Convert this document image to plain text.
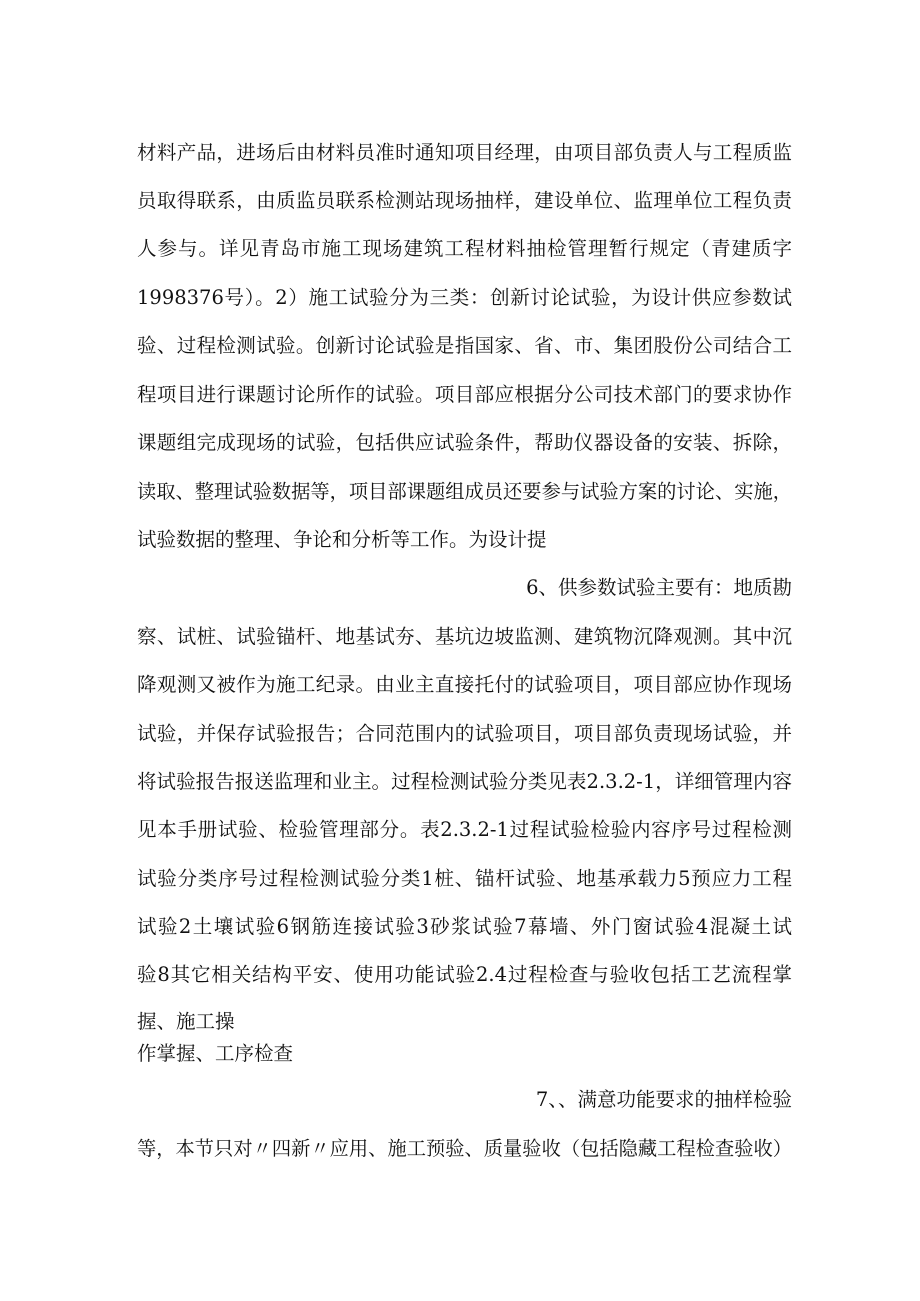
材料产品，进场后由材料员准时通知项目经理，由项目部负责人与工程质监
员取得联系，由质监员联系检测站现场抽样，建设单位、监理单位工程负责
人参与。详见青岛市施工现场建筑工程材料抽检管理暂行规定（青建质字
1998376号）。2）施工试验分为三类：创新讨论试验，为设计供应参数试
验、过程检测试验。创新讨论试验是指国家、省、市、集团股份公司结合工
程项目进行课题讨论所作的试验。项目部应根据分公司技术部门的要求协作
课题组完成现场的试验，包括供应试验条件，帮助仪器设备的安装、拆除，
读取、整理试验数据等，项目部课题组成员还要参与试验方案的讨论、实施，
试验数据的整理、争论和分析等工作。为设计提
6、供参数试验主要有：地质勘
察、试桩、试验锚杆、地基试夯、基坑边坡监测、建筑物沉降观测。其中沉
降观测又被作为施工纪录。由业主直接托付的试验项目，项目部应协作现场
试验，并保存试验报告；合同范围内的试验项目，项目部负责现场试验，并
将试验报告报送监理和业主。过程检测试验分类见表2.3.2-1，详细管理内容
见本手册试验、检验管理部分。表2.3.2-1过程试验检验内容序号过程检测
试验分类序号过程检测试验分类1桩、锚杆试验、地基承载力5预应力工程
试验2土壤试验6钢筋连接试验3砂浆试验7幕墙、外门窗试验4混凝土试
验8其它相关结构平安、使用功能试验2.4过程检查与验收包括工艺流程掌
握、施工操
作掌握、工序检查
7、、满意功能要求的抽样检验
等，本节只对〃四新〃应用、施工预验、质量验收（包括隐藏工程检查验收）
